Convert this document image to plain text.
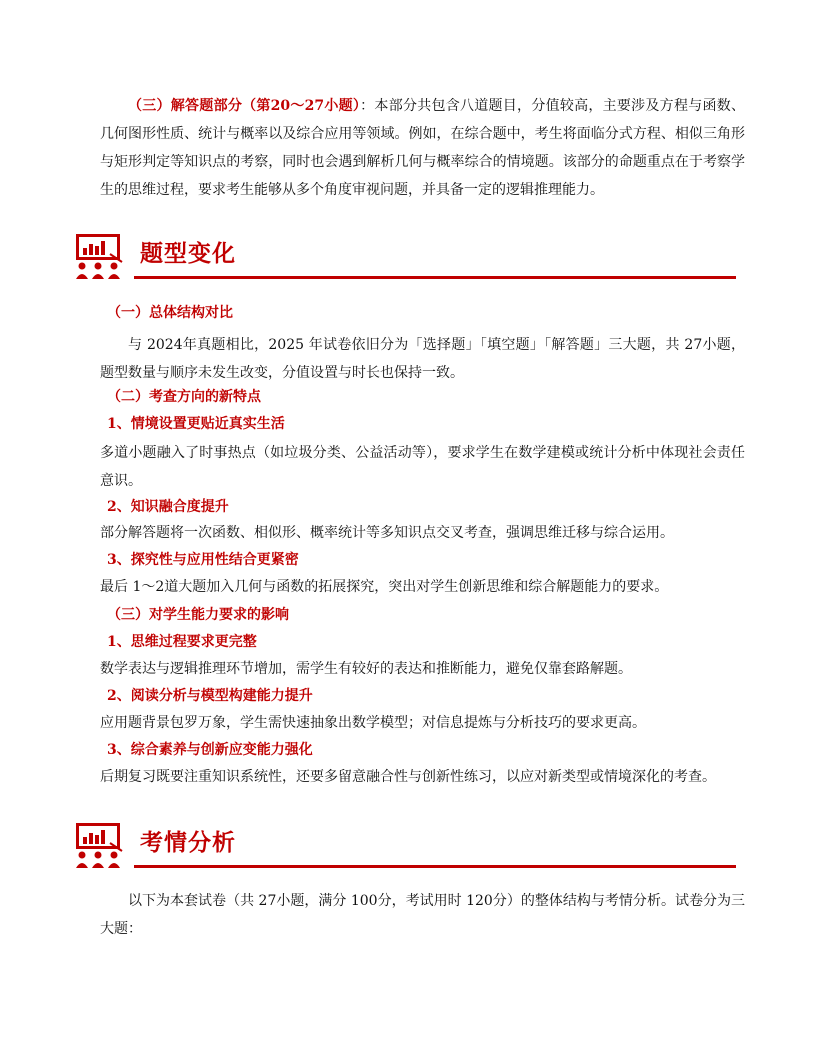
（三）解答题部分（第20～27小题）：本部分共包含八道题目，分值较高，主要涉及方程与函数、几何图形性质、统计与概率以及综合应用等领域。例如，在综合题中，考生将面临分式方程、相似三角形与矩形判定等知识点的考察，同时也会遇到解析几何与概率综合的情境题。该部分的命题重点在于考察学生的思维过程，要求考生能够从多个角度审视问题，并具备一定的逻辑推理能力。

题型变化

（一）总体结构对比

与 2024年真题相比，2025 年试卷依旧分为「选择题」「填空题」「解答题」三大题，共 27小题，题型数量与顺序未发生改变，分值设置与时长也保持一致。

（二）考查方向的新特点

1、情境设置更贴近真实生活

多道小题融入了时事热点（如垃圾分类、公益活动等），要求学生在数学建模或统计分析中体现社会责任意识。

2、知识融合度提升

部分解答题将一次函数、相似形、概率统计等多知识点交叉考查，强调思维迁移与综合运用。

3、探究性与应用性结合更紧密

最后 1～2道大题加入几何与函数的拓展探究，突出对学生创新思维和综合解题能力的要求。

（三）对学生能力要求的影响

1、思维过程要求更完整

数学表达与逻辑推理环节增加，需学生有较好的表达和推断能力，避免仅靠套路解题。

2、阅读分析与模型构建能力提升

应用题背景包罗万象，学生需快速抽象出数学模型；对信息提炼与分析技巧的要求更高。

3、综合素养与创新应变能力强化

后期复习既要注重知识系统性，还要多留意融合性与创新性练习，以应对新类型或情境深化的考查。

考情分析

以下为本套试卷（共 27小题，满分 100分，考试用时 120分）的整体结构与考情分析。试卷分为三大题：
